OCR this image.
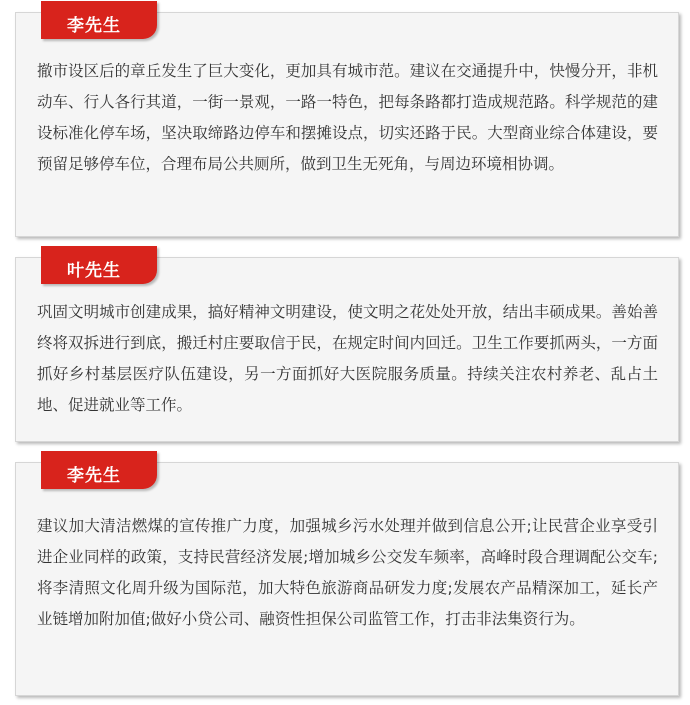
李先生

撤市设区后的章丘发生了巨大变化，更加具有城市范。建议在交通提升中，快慢分开，非机动车、行人各行其道，一街一景观，一路一特色，把每条路都打造成规范路。科学规范的建设标准化停车场，坚决取缔路边停车和摆摊设点，切实还路于民。大型商业综合体建设，要预留足够停车位，合理布局公共厕所，做到卫生无死角，与周边环境相协调。

叶先生

巩固文明城市创建成果，搞好精神文明建设，使文明之花处处开放，结出丰硕成果。善始善终将双拆进行到底，搬迁村庄要取信于民，在规定时间内回迁。卫生工作要抓两头，一方面抓好乡村基层医疗队伍建设，另一方面抓好大医院服务质量。持续关注农村养老、乱占土地、促进就业等工作。

李先生

建议加大清洁燃煤的宣传推广力度，加强城乡污水处理并做到信息公开;让民营企业享受引进企业同样的政策，支持民营经济发展;增加城乡公交发车频率，高峰时段合理调配公交车;将李清照文化周升级为国际范，加大特色旅游商品研发力度;发展农产品精深加工，延长产业链增加附加值;做好小贷公司、融资性担保公司监管工作，打击非法集资行为。
